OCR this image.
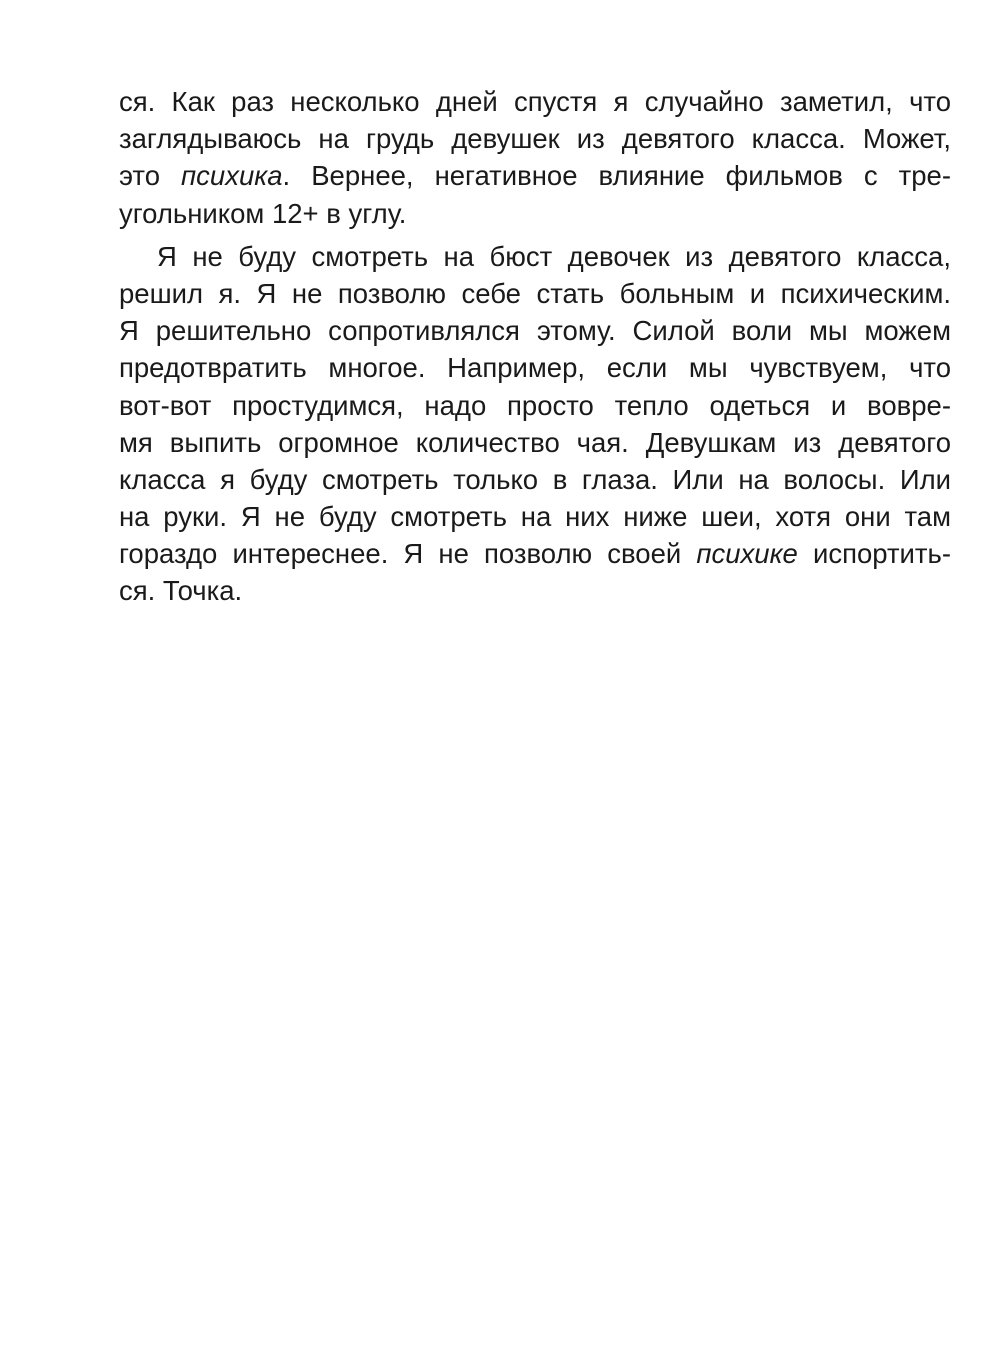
ся. Как раз несколько дней спустя я случайно заметил, что
заглядываюсь на грудь девушек из девятого класса. Может,
это психика. Вернее, негативное влияние фильмов с тре-
угольником 12+ в углу.
Я не буду смотреть на бюст девочек из девятого класса,
решил я. Я не позволю себе стать больным и психическим.
Я решительно сопротивлялся этому. Силой воли мы можем
предотвратить многое. Например, если мы чувствуем, что
вот-вот простудимся, надо просто тепло одеться и вовре-
мя выпить огромное количество чая. Девушкам из девятого
класса я буду смотреть только в глаза. Или на волосы. Или
на руки. Я не буду смотреть на них ниже шеи, хотя они там
гораздо интереснее. Я не позволю своей психике испортить-
ся. Точка.
